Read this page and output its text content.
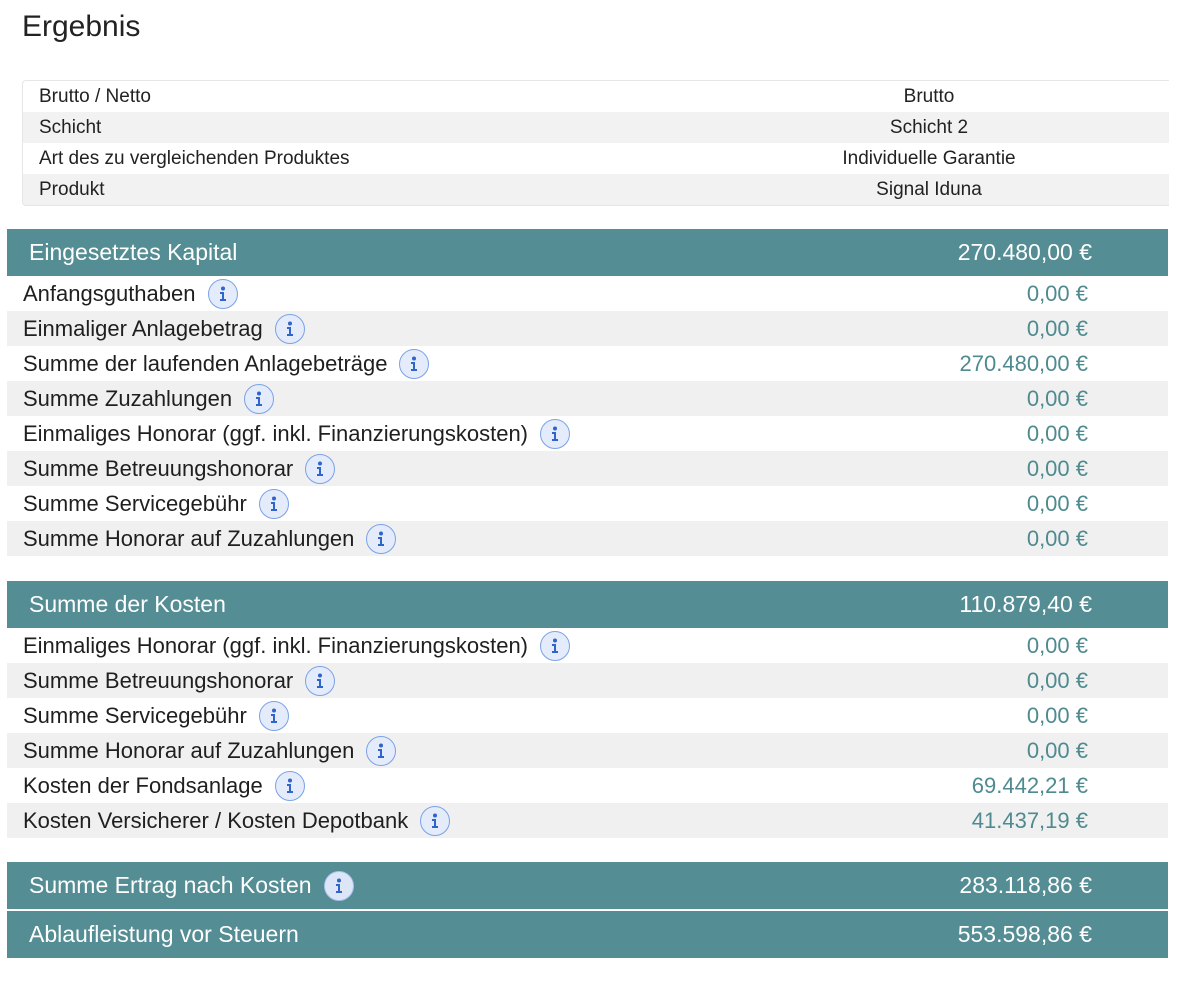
Ergebnis
Brutto / Netto	Brutto
Schicht	Schicht 2
Art des zu vergleichenden Produktes	Individuelle Garantie
Produkt	Signal Iduna
Eingesetztes Kapital	270.480,00 €
Anfangsguthaben	0,00 €
Einmaliger Anlagebetrag	0,00 €
Summe der laufenden Anlagebeträge	270.480,00 €
Summe Zuzahlungen	0,00 €
Einmaliges Honorar (ggf. inkl. Finanzierungskosten)	0,00 €
Summe Betreuungshonorar	0,00 €
Summe Servicegebühr	0,00 €
Summe Honorar auf Zuzahlungen	0,00 €
Summe der Kosten	110.879,40 €
Einmaliges Honorar (ggf. inkl. Finanzierungskosten)	0,00 €
Summe Betreuungshonorar	0,00 €
Summe Servicegebühr	0,00 €
Summe Honorar auf Zuzahlungen	0,00 €
Kosten der Fondsanlage	69.442,21 €
Kosten Versicherer / Kosten Depotbank	41.437,19 €
Summe Ertrag nach Kosten	283.118,86 €
Ablaufleistung vor Steuern	553.598,86 €
